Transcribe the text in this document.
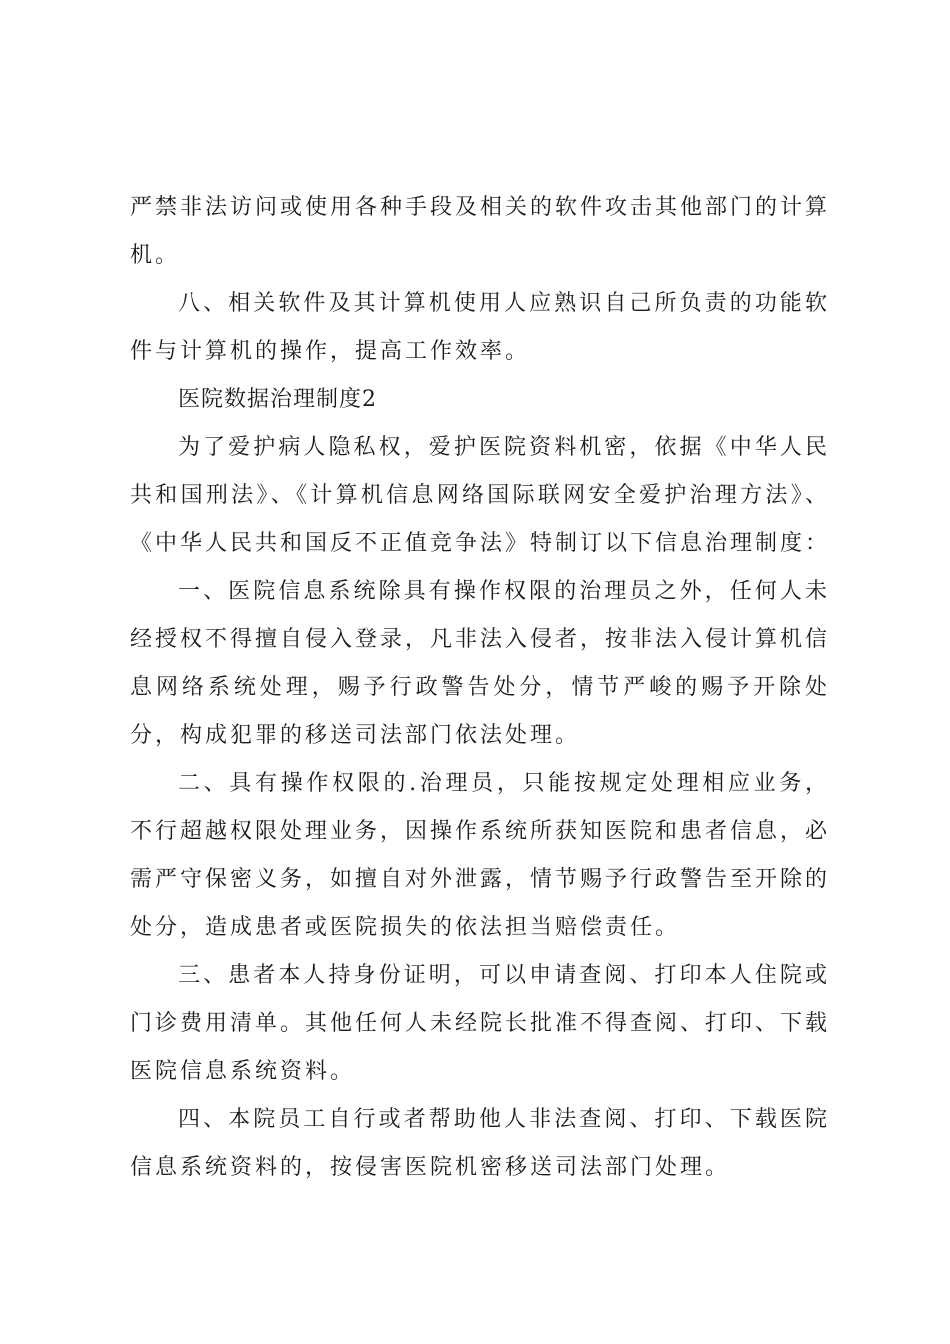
严禁非法访问或使用各种手段及相关的软件攻击其他部门的计算机。

八、相关软件及其计算机使用人应熟识自己所负责的功能软件与计算机的操作，提高工作效率。

医院数据治理制度2

为了爱护病人隐私权，爱护医院资料机密，依据《中华人民共和国刑法》、《计算机信息网络国际联网安全爱护治理方法》、《中华人民共和国反不正值竞争法》特制订以下信息治理制度：

一、医院信息系统除具有操作权限的治理员之外，任何人未经授权不得擅自侵入登录，凡非法入侵者，按非法入侵计算机信息网络系统处理，赐予行政警告处分，情节严峻的赐予开除处分，构成犯罪的移送司法部门依法处理。

二、具有操作权限的.治理员，只能按规定处理相应业务，不行超越权限处理业务，因操作系统所获知医院和患者信息，必需严守保密义务，如擅自对外泄露，情节赐予行政警告至开除的处分，造成患者或医院损失的依法担当赔偿责任。

三、患者本人持身份证明，可以申请查阅、打印本人住院或门诊费用清单。其他任何人未经院长批准不得查阅、打印、下载医院信息系统资料。

四、本院员工自行或者帮助他人非法查阅、打印、下载医院信息系统资料的，按侵害医院机密移送司法部门处理。
